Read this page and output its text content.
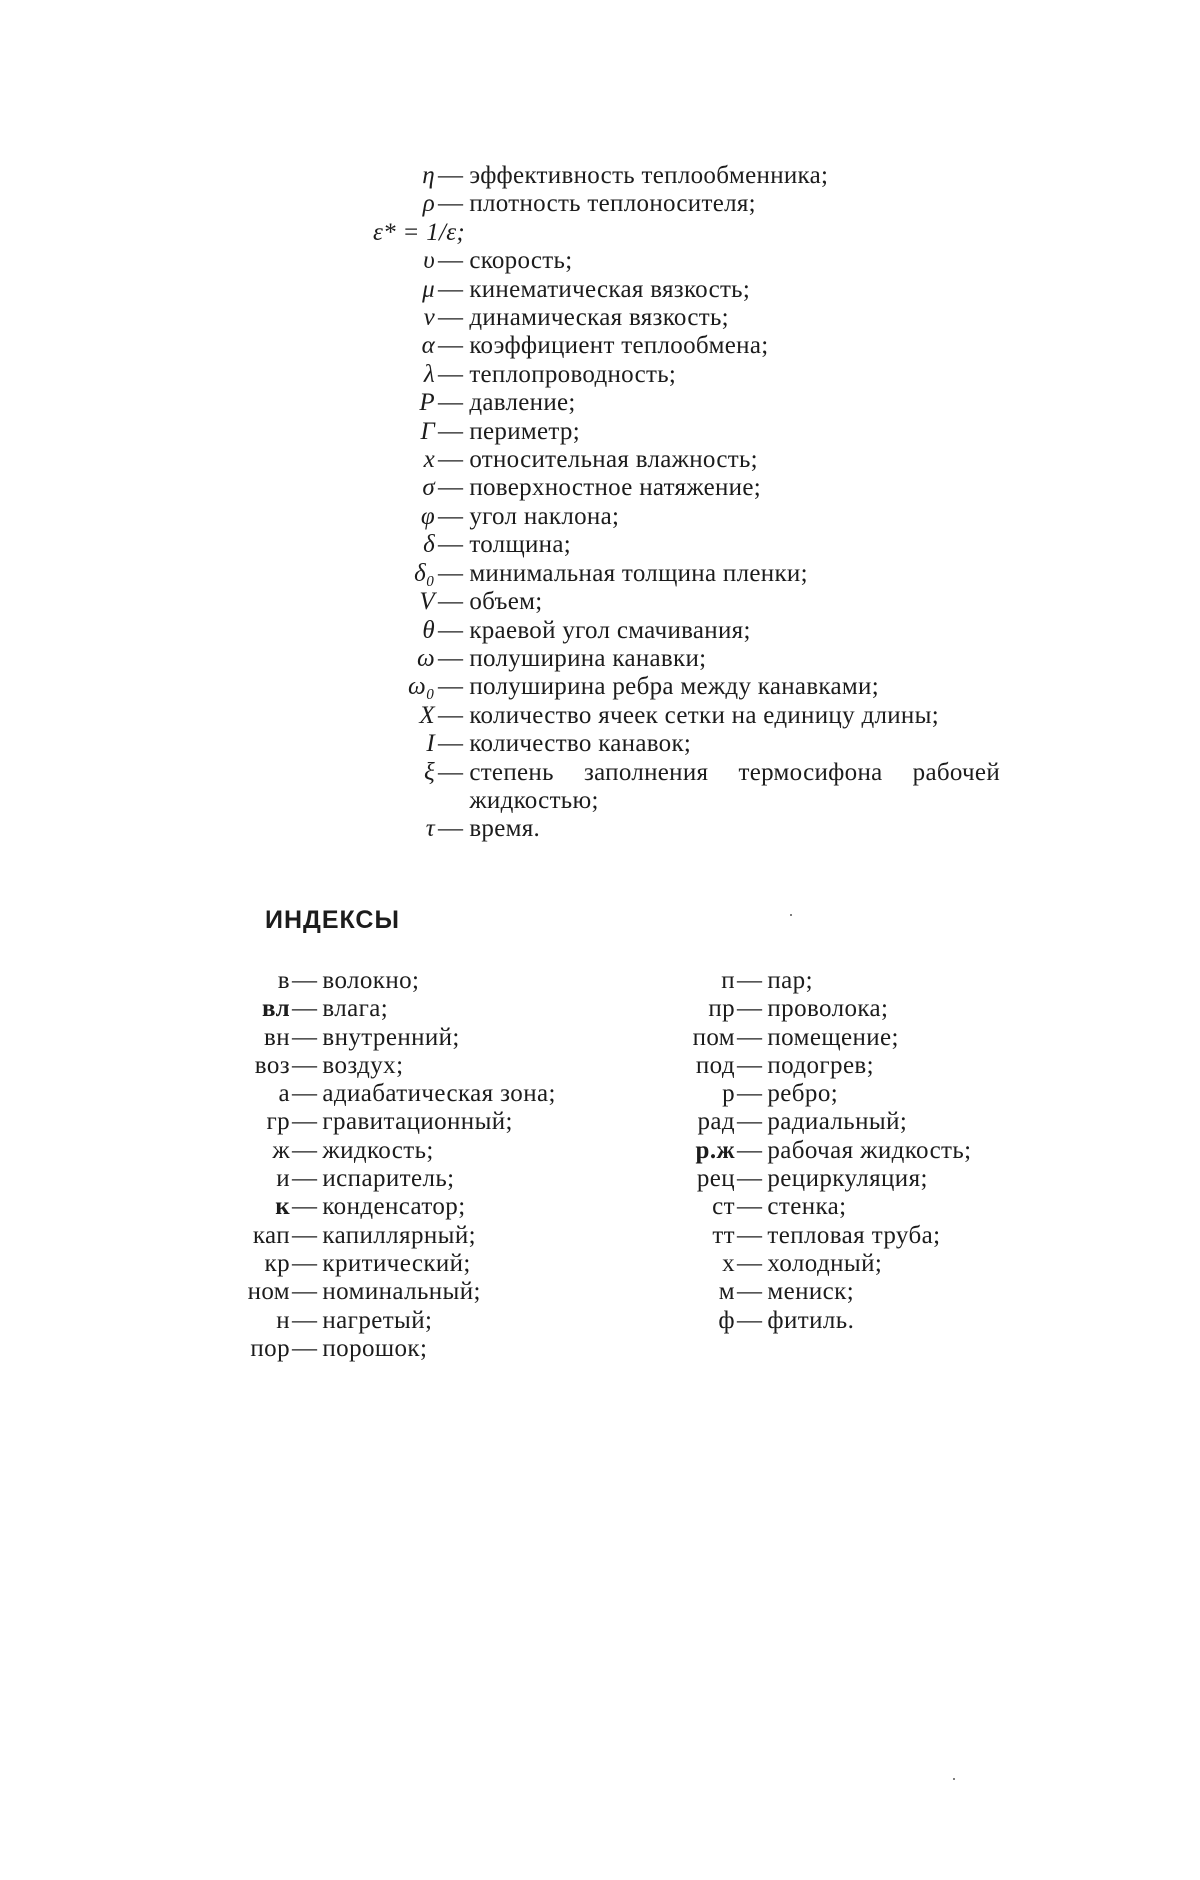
η — эффективность теплообменника;
ρ — плотность теплоносителя;
ε* = 1/ε;
υ — скорость;
μ — кинематическая вязкость;
ν — динамическая вязкость;
α — коэффициент теплообмена;
λ — теплопроводность;
P — давление;
Г — периметр;
x — относительная влажность;
σ — поверхностное натяжение;
φ — угол наклона;
δ — толщина;
δ₀ — минимальная толщина пленки;
V — объем;
θ — краевой угол смачивания;
ω — полуширина канавки;
ω₀ — полуширина ребра между канавками;
X — количество ячеек сетки на единицу длины;
I — количество канавок;
ξ — степень заполнения термосифона рабочей жидкостью;
τ — время.
ИНДЕКСЫ
в — волокно;
вл — влага;
вн — внутренний;
воз — воздух;
а — адиабатическая зона;
гр — гравитационный;
ж — жидкость;
и — испаритель;
к — конденсатор;
кап — капиллярный;
кр — критический;
ном — номинальный;
н — нагретый;
пор — порошок;
п — пар;
пр — проволока;
пом — помещение;
под — подогрев;
р — ребро;
рад — радиальный;
р.ж — рабочая жидкость;
рец — рециркуляция;
ст — стенка;
тт — тепловая труба;
х — холодный;
м — мениск;
ф — фитиль.
